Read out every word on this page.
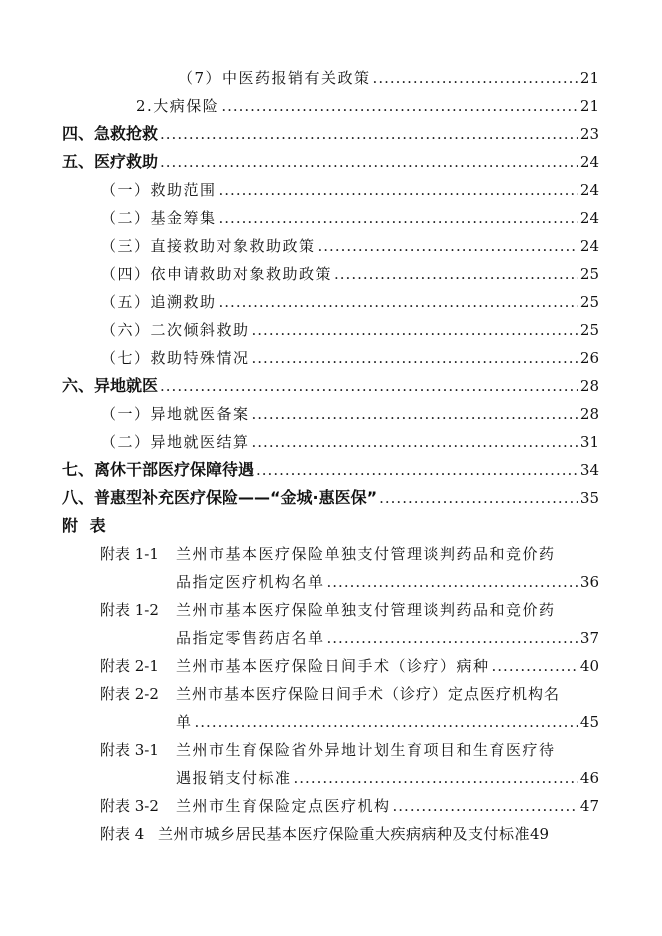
（7）中医药报销有关政策 .....	21
2.大病保险 .....	21
四、急救抢救 .....	23
五、医疗救助 .....	24
（一）救助范围 .....	24
（二）基金筹集 .....	24
（三）直接救助对象救助政策 .....	24
（四）依申请救助对象救助政策 .....	25
（五）追溯救助 .....	25
（六）二次倾斜救助 .....	25
（七）救助特殊情况 .....	26
六、异地就医 .....	28
（一）异地就医备案 .....	28
（二）异地就医结算 .....	31
七、离休干部医疗保障待遇 .....	34
八、普惠型补充医疗保险——“金城·惠医保” .....	35
附 表
附表 1-1 兰州市基本医疗保险单独支付管理谈判药品和竞价药
品指定医疗机构名单 .....	36
附表 1-2 兰州市基本医疗保险单独支付管理谈判药品和竞价药
品指定零售药店名单 .....	37
附表 2-1 兰州市基本医疗保险日间手术（诊疗）病种 .....	40
附表 2-2 兰州市基本医疗保险日间手术（诊疗）定点医疗机构名
单 .....	45
附表 3-1 兰州市生育保险省外异地计划生育项目和生育医疗待
遇报销支付标准 .....	46
附表 3-2 兰州市生育保险定点医疗机构 .....	47
附表 4 兰州市城乡居民基本医疗保险重大疾病病种及支付标准 49
